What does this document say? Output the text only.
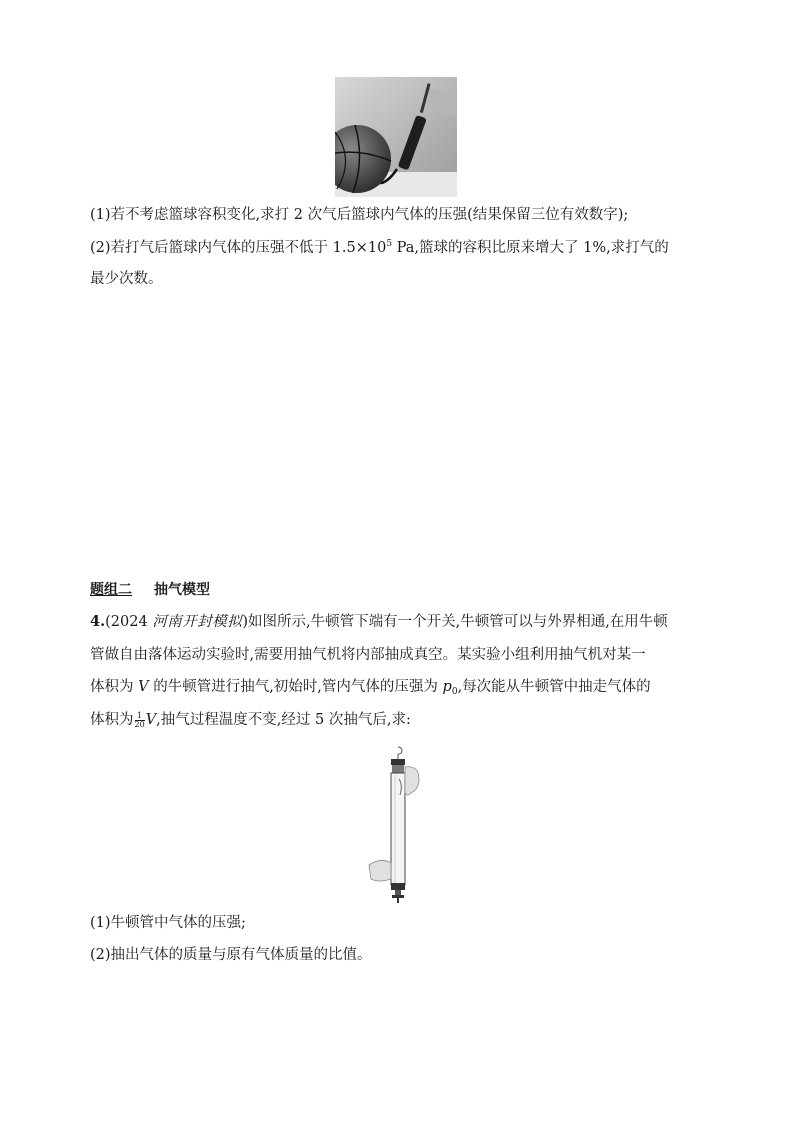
(1)若不考虑篮球容积变化,求打 2 次气后篮球内气体的压强(结果保留三位有效数字);
(2)若打气后篮球内气体的压强不低于 $1.5\times 10^5$ Pa,篮球的容积比原来增大了 1%,求打气的
最少次数。
题组二 抽气模型
4.(2024 河南开封模拟)如图所示,牛顿管下端有一个开关,牛顿管可以与外界相通,在用牛顿
管做自由落体运动实验时,需要用抽气机将内部抽成真空。某实验小组利用抽气机对某一
体积为 V 的牛顿管进行抽气,初始时,管内气体的压强为 $p_0$,每次能从牛顿管中抽走气体的
体积为 $\frac{1}{20} V$,抽气过程温度不变,经过 5 次抽气后,求:
(1)牛顿管中气体的压强;
(2)抽出气体的质量与原有气体质量的比值。
